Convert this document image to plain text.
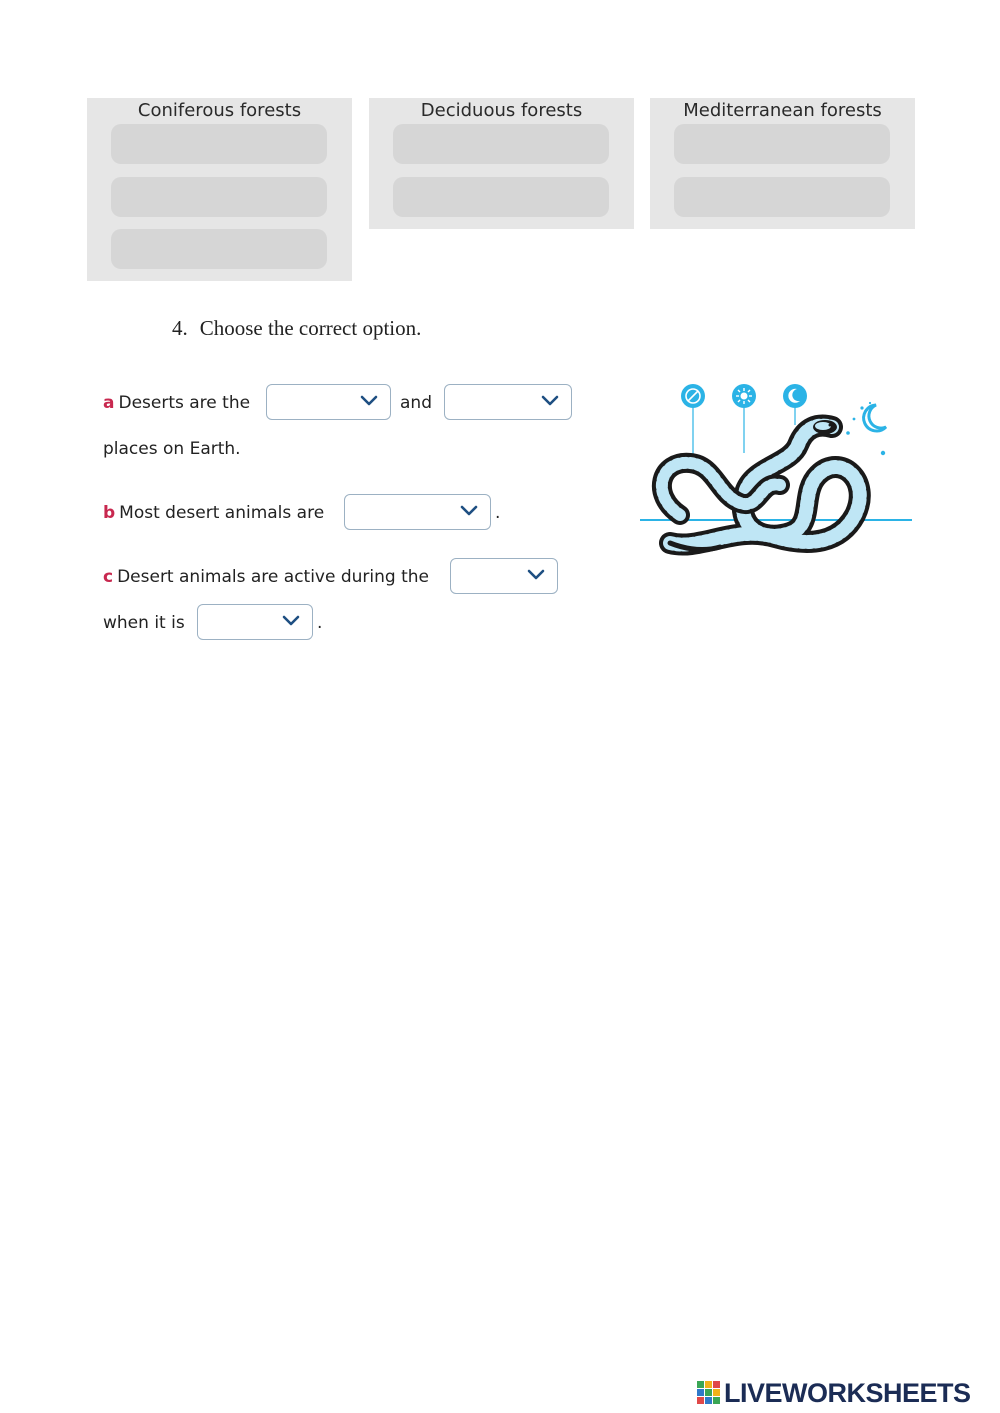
Coniferous forests	Deciduous forests	Mediterranean forests
4. Choose the correct option.
a Deserts are the	and
places on Earth.
b Most desert animals are	.
c Desert animals are active during the
when it is	.
LIVEWORKSHEETS
